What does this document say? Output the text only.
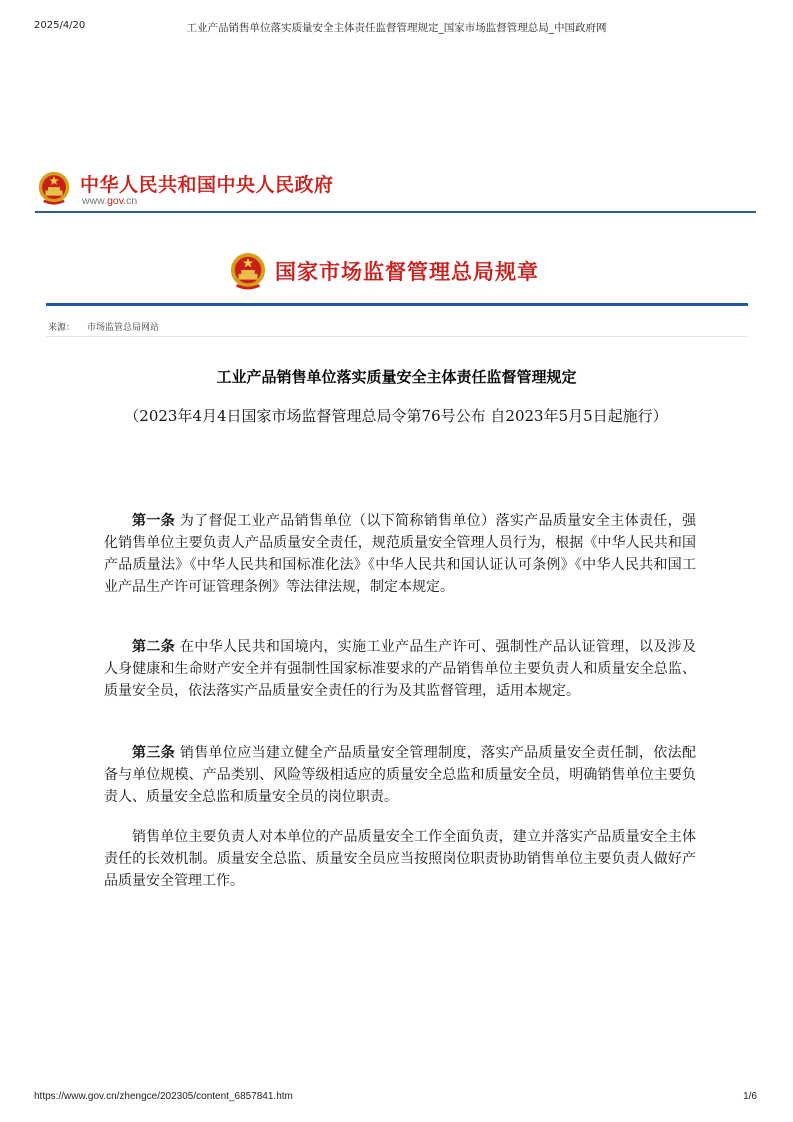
2025/4/20	工业产品销售单位落实质量安全主体责任监督管理规定_国家市场监督管理总局_中国政府网
中华人民共和国中央人民政府
www.gov.cn
国家市场监督管理总局规章
来源： 市场监管总局网站
工业产品销售单位落实质量安全主体责任监督管理规定
（2023年4月4日国家市场监督管理总局令第76号公布 自2023年5月5日起施行）
第一条 为了督促工业产品销售单位（以下简称销售单位）落实产品质量安全主体责任，强化销售单位主要负责人产品质量安全责任，规范质量安全管理人员行为，根据《中华人民共和国产品质量法》《中华人民共和国标准化法》《中华人民共和国认证认可条例》《中华人民共和国工业产品生产许可证管理条例》等法律法规，制定本规定。
第二条 在中华人民共和国境内，实施工业产品生产许可、强制性产品认证管理，以及涉及人身健康和生命财产安全并有强制性国家标准要求的产品销售单位主要负责人和质量安全总监、质量安全员，依法落实产品质量安全责任的行为及其监督管理，适用本规定。
第三条 销售单位应当建立健全产品质量安全管理制度，落实产品质量安全责任制，依法配备与单位规模、产品类别、风险等级相适应的质量安全总监和质量安全员，明确销售单位主要负责人、质量安全总监和质量安全员的岗位职责。
销售单位主要负责人对本单位的产品质量安全工作全面负责，建立并落实产品质量安全主体责任的长效机制。质量安全总监、质量安全员应当按照岗位职责协助销售单位主要负责人做好产品质量安全管理工作。
https://www.gov.cn/zhengce/202305/content_6857841.htm	1/6
